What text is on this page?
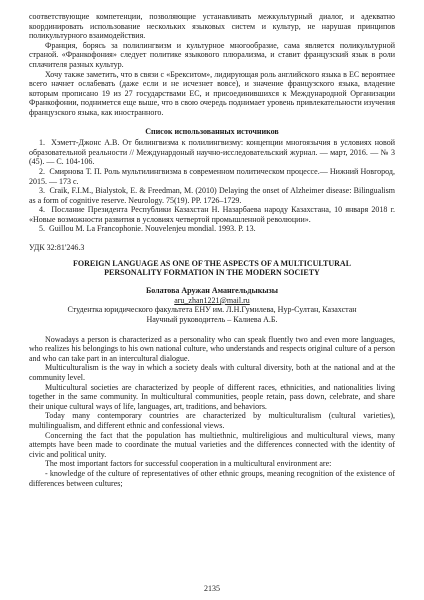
соответствующие компетенции, позволяющие устанавливать межкультурный диалог, и адекватно координировать использование нескольких языковых систем и культур, не нарушая принципов поликультурного взаимодействия.

Франция, борясь за полилингвизм и культурное многообразие, сама является поликультурной страной. «Франкофония» следует политике языкового плюрализма, и ставит французский язык в роли сплачителя разных культур.

Хочу также заметить, что в связи с «Брекситом», лидирующая роль английского языка в ЕС вероятнее всего начнет ослабевать (даже если и не исчезнет вовсе), и значение французского языка, владение которым прописано 19 из 27 государствами ЕС, и присоединившихся к Международной Организации Франкофонии, поднимется еще выше, что в свою очередь поднимает уровень привлекательности изучения французского языка, как иностранного.

Список использованных источников

1.  Хэметт-Джонс А.В. От билингвизма к полилингвизму: концепции многоязычия в условиях новой образовательной реальности // Междунардоный научно-исследовательский журнал. — март, 2016. — № 3 (45). — С. 104-106.

2.  Смирнова Т. П. Роль мультилингвизма в современном политическом процессе.— Нижний Новгород, 2015. — 173 с.

3.  Craik, F.I.M., Bialystok, E. & Freedman, M. (2010) Delaying the onset of Alzheimer disease: Bilingualism as a form of cognitive reserve. Neurology. 75(19). PP. 1726–1729.

4.  Послание Президента Республики Казахстан Н. Назарбаева народу Казахстана, 10 января 2018 г. «Новые возможности развития в условиях четвертой промышленной революции».

5.  Guillou M. La Francophonie. Nouvelenjeu mondial. 1993. P. 13.

УДК 32:81'246.3

FOREIGN LANGUAGE AS ONE OF THE ASPECTS OF A MULTICULTURAL
PERSONALITY FORMATION IN THE MODERN SOCIETY

Болатова Аружан Амангельдыкызы

aru_zhan1221@mail.ru

Студентка юридического факультета ЕНУ им. Л.Н.Гумилева, Нур-Султан, Казахстан

Научный руководитель – Калиева А.Б.

Nowadays a person is characterized as a personality who can speak fluently two and even more languages, who realizes his belongings to his own national culture, who understands and respects original culture of a person and who can take part in an intercultural dialogue.

Multiculturalism is the way in which a society deals with cultural diversity, both at the national and at the community level.

Multicultural societies are characterized by people of different races, ethnicities, and nationalities living together in the same community. In multicultural communities, people retain, pass down, celebrate, and share their unique cultural ways of life, languages, art, traditions, and behaviors.

Today many contemporary countries are characterized by multiculturalism (cultural varieties), multilingualism, and different ethnic and confessional views.

Concerning the fact that the population has multiethnic, multireligious and multicultural views, many attempts have been made to coordinate the mutual varieties and the differences connected with the identity of civic and political unity.

The most important factors for successful cooperation in a multicultural environment are:

- knowledge of the culture of representatives of other ethnic groups, meaning recognition of the existence of differences between cultures;

2135
